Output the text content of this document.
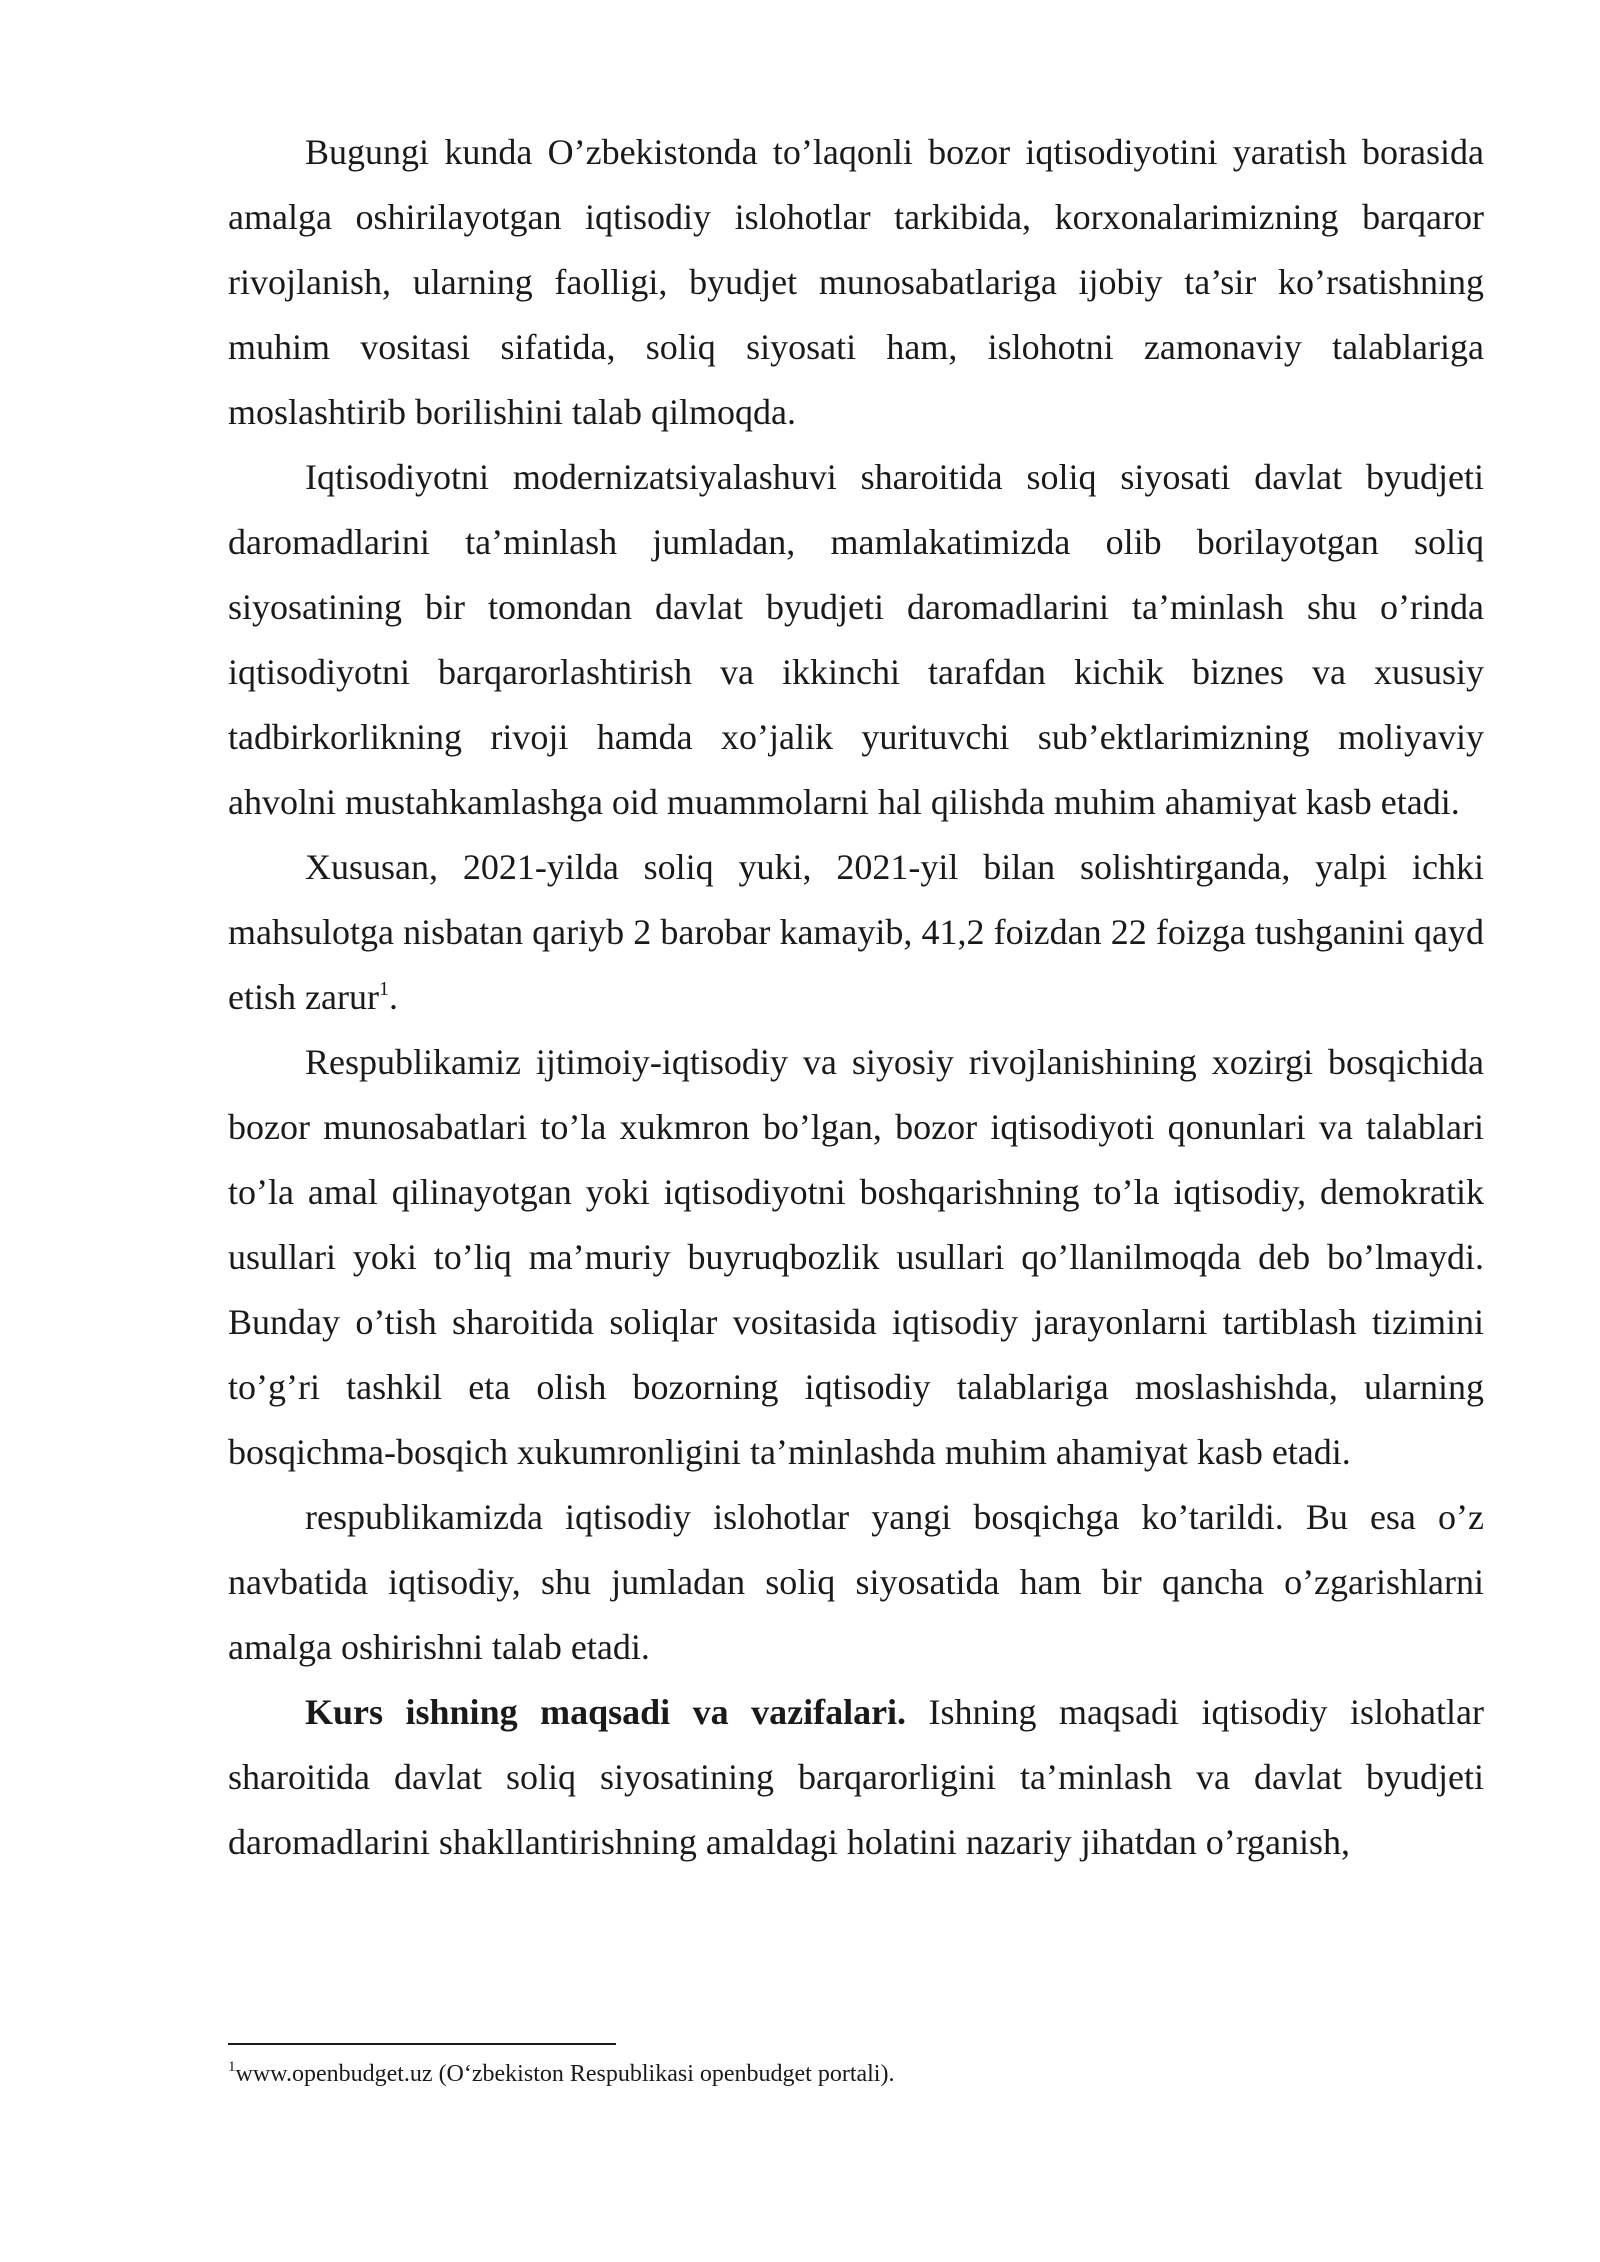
Bugungi kunda O’zbekistonda to’laqonli bozor iqtisodiyotini yaratish borasida amalga oshirilayotgan iqtisodiy islohotlar tarkibida, korxonalarimizning barqaror rivojlanish, ularning faolligi, byudjet munosabatlariga ijobiy ta’sir ko’rsatishning muhim vositasi sifatida, soliq siyosati ham, islohotni zamonaviy talablariga moslashtirib borilishini talab qilmoqda.

Iqtisodiyotni modernizatsiyalashuvi sharoitida soliq siyosati davlat byudjeti daromadlarini ta’minlash jumladan, mamlakatimizda olib borilayotgan soliq siyosatining bir tomondan davlat byudjeti daromadlarini ta’minlash shu o’rinda iqtisodiyotni barqarorlashtirish va ikkinchi tarafdan kichik biznes va xususiy tadbirkorlikning rivoji hamda xo’jalik yurituvchi sub’ektlarimizning moliyaviy ahvolni mustahkamlashga oid muammolarni hal qilishda muhim ahamiyat kasb etadi.

Xususan, 2021-yilda soliq yuki, 2021-yil bilan solishtirganda, yalpi ichki mahsulotga nisbatan qariyb 2 barobar kamayib, 41,2 foizdan 22 foizga tushganini qayd etish zarur$^1$.

Respublikamiz ijtimoiy-iqtisodiy va siyosiy rivojlanishining xozirgi bosqichida bozor munosabatlari to’la xukmron bo’lgan, bozor iqtisodiyoti qonunlari va talablari to’la amal qilinayotgan yoki iqtisodiyotni boshqarishning to’la iqtisodiy, demokratik usullari yoki to’liq ma’muriy buyruqbozlik usullari qo’llanilmoqda deb bo’lmaydi. Bunday o’tish sharoitida soliqlar vositasida iqtisodiy jarayonlarni tartiblash tizimini to’g’ri tashkil eta olish bozorning iqtisodiy talablariga moslashishda, ularning bosqichma-bosqich xukumronligini ta’minlashda muhim ahamiyat kasb etadi.

respublikamizda iqtisodiy islohotlar yangi bosqichga ko’tarildi. Bu esa o’z navbatida iqtisodiy, shu jumladan soliq siyosatida ham bir qancha o’zgarishlarni amalga oshirishni talab etadi.

Kurs ishning maqsadi va vazifalari. Ishning maqsadi iqtisodiy islohatlar sharoitida davlat soliq siyosatining barqarorligini ta’minlash va davlat byudjeti daromadlarini shakllantirishning amaldagi holatini nazariy jihatdan o’rganish,

$^1$www.openbudget.uz (O‘zbekiston Respublikasi openbudget portali).
